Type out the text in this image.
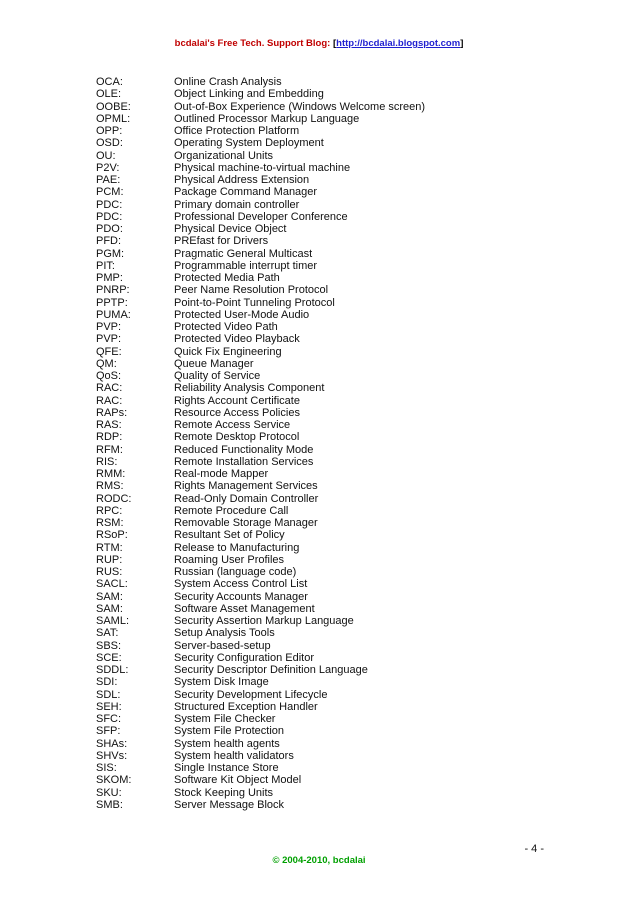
bcdalai's Free Tech. Support Blog: [http://bcdalai.blogspot.com]
OCA:	Online Crash Analysis
OLE:	Object Linking and Embedding
OOBE:	Out-of-Box Experience (Windows Welcome screen)
OPML:	Outlined Processor Markup Language
OPP:	Office Protection Platform
OSD:	Operating System Deployment
OU:	Organizational Units
P2V:	Physical machine-to-virtual machine
PAE:	Physical Address Extension
PCM:	Package Command Manager
PDC:	Primary domain controller
PDC:	Professional Developer Conference
PDO:	Physical Device Object
PFD:	PREfast for Drivers
PGM:	Pragmatic General Multicast
PIT:	Programmable interrupt timer
PMP:	Protected Media Path
PNRP:	Peer Name Resolution Protocol
PPTP:	Point-to-Point Tunneling Protocol
PUMA:	Protected User-Mode Audio
PVP:	Protected Video Path
PVP:	Protected Video Playback
QFE:	Quick Fix Engineering
QM:	Queue Manager
QoS:	Quality of Service
RAC:	Reliability Analysis Component
RAC:	Rights Account Certificate
RAPs:	Resource Access Policies
RAS:	Remote Access Service
RDP:	Remote Desktop Protocol
RFM:	Reduced Functionality Mode
RIS:	Remote Installation Services
RMM:	Real-mode Mapper
RMS:	Rights Management Services
RODC:	Read-Only Domain Controller
RPC:	Remote Procedure Call
RSM:	Removable Storage Manager
RSoP:	Resultant Set of Policy
RTM:	Release to Manufacturing
RUP:	Roaming User Profiles
RUS:	Russian (language code)
SACL:	System Access Control List
SAM:	Security Accounts Manager
SAM:	Software Asset Management
SAML:	Security Assertion Markup Language
SAT:	Setup Analysis Tools
SBS:	Server-based-setup
SCE:	Security Configuration Editor
SDDL:	Security Descriptor Definition Language
SDI:	System Disk Image
SDL:	Security Development Lifecycle
SEH:	Structured Exception Handler
SFC:	System File Checker
SFP:	System File Protection
SHAs:	System health agents
SHVs:	System health validators
SIS:	Single Instance Store
SKOM:	Software Kit Object Model
SKU:	Stock Keeping Units
SMB:	Server Message Block
- 4 -
© 2004-2010, bcdalai
